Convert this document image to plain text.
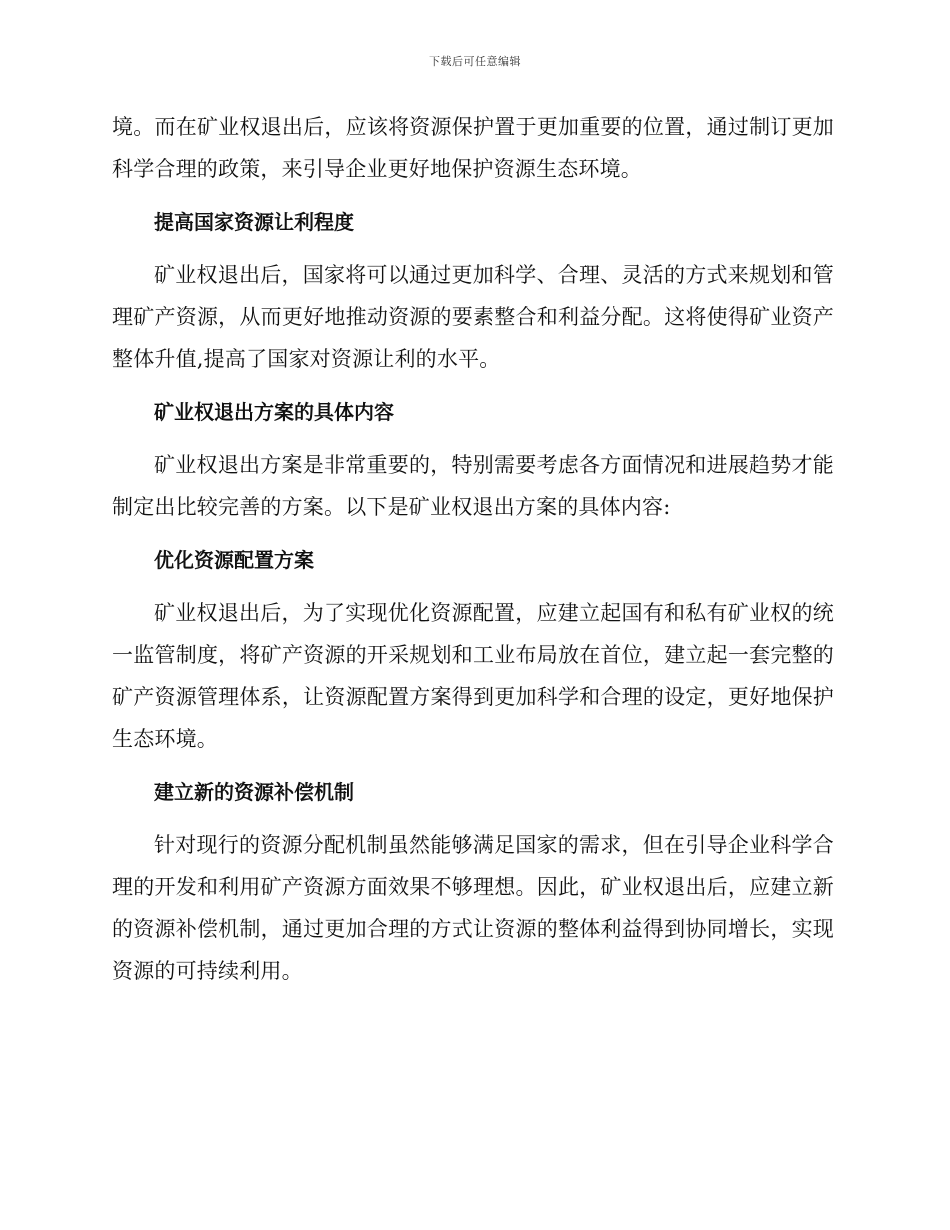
下载后可任意编辑

境。而在矿业权退出后，应该将资源保护置于更加重要的位置，通过制订更加科学合理的政策，来引导企业更好地保护资源生态环境。

提高国家资源让利程度

矿业权退出后，国家将可以通过更加科学、合理、灵活的方式来规划和管理矿产资源，从而更好地推动资源的要素整合和利益分配。这将使得矿业资产整体升值,提高了国家对资源让利的水平。

矿业权退出方案的具体内容

矿业权退出方案是非常重要的，特别需要考虑各方面情况和进展趋势才能制定出比较完善的方案。以下是矿业权退出方案的具体内容:

优化资源配置方案

矿业权退出后，为了实现优化资源配置，应建立起国有和私有矿业权的统一监管制度，将矿产资源的开采规划和工业布局放在首位，建立起一套完整的矿产资源管理体系，让资源配置方案得到更加科学和合理的设定，更好地保护生态环境。

建立新的资源补偿机制

针对现行的资源分配机制虽然能够满足国家的需求，但在引导企业科学合理的开发和利用矿产资源方面效果不够理想。因此，矿业权退出后，应建立新的资源补偿机制，通过更加合理的方式让资源的整体利益得到协同增长，实现资源的可持续利用。
